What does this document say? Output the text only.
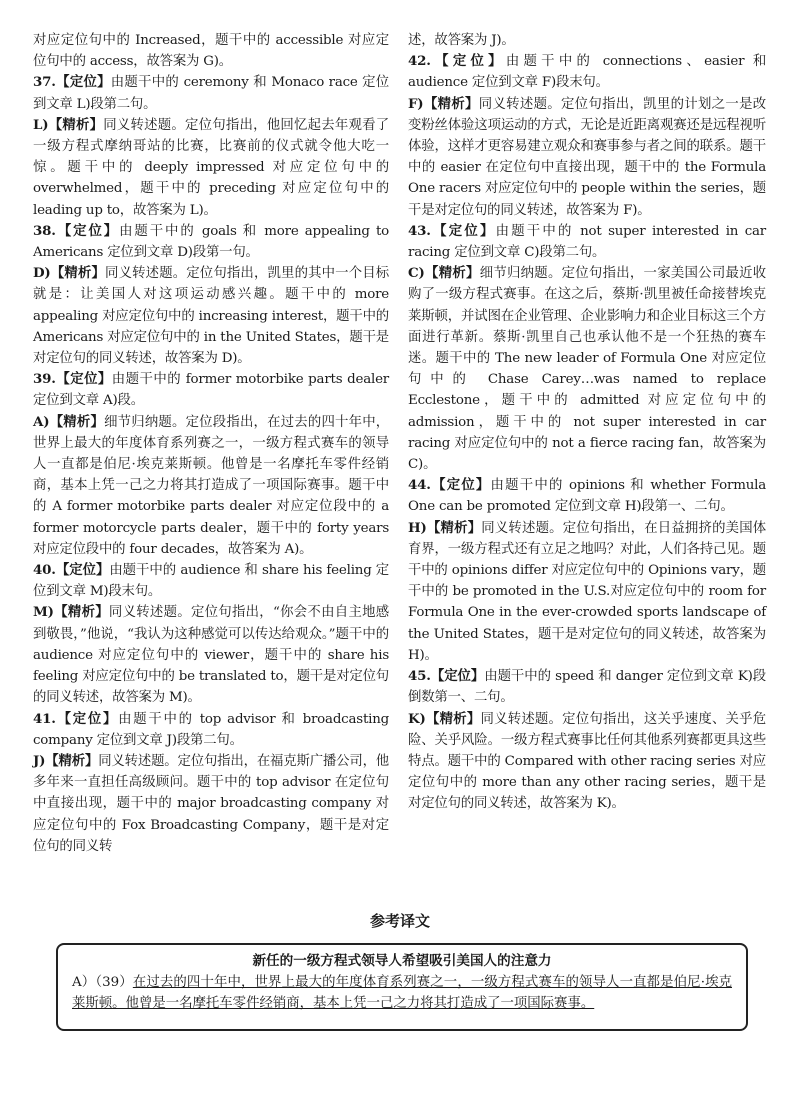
对应定位句中的 Increased，题干中的 accessible 对应定位句中的 access，故答案为 G)。

37.【定位】由题干中的 ceremony 和 Monaco race 定位到文章 L)段第二句。

L)【精析】同义转述题。定位句指出，他回忆起去年观看了一级方程式摩纳哥站的比赛，比赛前的仪式就令他大吃一惊。题干中的 deeply impressed 对应定位句中的 overwhelmed，题干中的 preceding 对应定位句中的 leading up to，故答案为 L)。

38.【定位】由题干中的 goals 和 more appealing to Americans 定位到文章 D)段第一句。

D)【精析】同义转述题。定位句指出，凯里的其中一个目标就是：让美国人对这项运动感兴趣。题干中的 more appealing 对应定位句中的 increasing interest，题干中的 Americans 对应定位句中的 in the United States，题干是对定位句的同义转述，故答案为 D)。

39.【定位】由题干中的 former motorbike parts dealer 定位到文章 A)段。

A)【精析】细节归纳题。定位段指出，在过去的四十年中，世界上最大的年度体育系列赛之一，一级方程式赛车的领导人一直都是伯尼·埃克莱斯顿。他曾是一名摩托车零件经销商，基本上凭一己之力将其打造成了一项国际赛事。题干中的 A former motorbike parts dealer 对应定位段中的 a former motorcycle parts dealer，题干中的 forty years 对应定位段中的 four decades，故答案为 A)。

40.【定位】由题干中的 audience 和 share his feeling 定位到文章 M)段末句。

M)【精析】同义转述题。定位句指出，“你会不由自主地感到敬畏，”他说，“我认为这种感觉可以传达给观众。”题干中的 audience 对应定位句中的 viewer，题干中的 share his feeling 对应定位句中的 be translated to，题干是对定位句的同义转述，故答案为 M)。

41.【定位】由题干中的 top advisor 和 broadcasting company 定位到文章 J)段第二句。

J)【精析】同义转述题。定位句指出，在福克斯广播公司，他多年来一直担任高级顾问。题干中的 top advisor 在定位句中直接出现，题干中的 major broadcasting company 对应定位句中的 Fox Broadcasting Company，题干是对定位句的同义转

述，故答案为 J)。

42.【定位】由题干中的 connections、easier 和 audience 定位到文章 F)段末句。

F)【精析】同义转述题。定位句指出，凯里的计划之一是改变粉丝体验这项运动的方式，无论是近距离观赛还是远程视听体验，这样才更容易建立观众和赛事参与者之间的联系。题干中的 easier 在定位句中直接出现，题干中的 the Formula One racers 对应定位句中的 people within the series，题干是对定位句的同义转述，故答案为 F)。

43.【定位】由题干中的 not super interested in car racing 定位到文章 C)段第二句。

C)【精析】细节归纳题。定位句指出，一家美国公司最近收购了一级方程式赛事。在这之后，蔡斯·凯里被任命接替埃克莱斯顿，并试图在企业管理、企业影响力和企业目标这三个方面进行革新。蔡斯·凯里自己也承认他不是一个狂热的赛车迷。题干中的 The new leader of Formula One 对应定位句中的 Chase Carey…was named to replace Ecclestone，题干中的 admitted 对应定位句中的 admission，题干中的 not super interested in car racing 对应定位句中的 not a fierce racing fan，故答案为 C)。

44.【定位】由题干中的 opinions 和 whether Formula One can be promoted 定位到文章 H)段第一、二句。

H)【精析】同义转述题。定位句指出，在日益拥挤的美国体育界，一级方程式还有立足之地吗？对此，人们各持己见。题干中的 opinions differ 对应定位句中的 Opinions vary，题干中的 be promoted in the U.S.对应定位句中的 room for Formula One in the ever-crowded sports landscape of the United States，题干是对定位句的同义转述，故答案为 H)。

45.【定位】由题干中的 speed 和 danger 定位到文章 K)段倒数第一、二句。

K)【精析】同义转述题。定位句指出，这关乎速度、关乎危险、关乎风险。一级方程式赛事比任何其他系列赛都更具这些特点。题干中的 Compared with other racing series 对应定位句中的 more than any other racing series，题干是对定位句的同义转述，故答案为 K)。

参考译文
新任的一级方程式领导人希望吸引美国人的注意力
A）（39）在过去的四十年中，世界上最大的年度体育系列赛之一，一级方程式赛车的领导人一直都是伯尼·埃克莱斯顿。他曾是一名摩托车零件经销商，基本上凭一己之力将其打造成了一项国际赛事。
